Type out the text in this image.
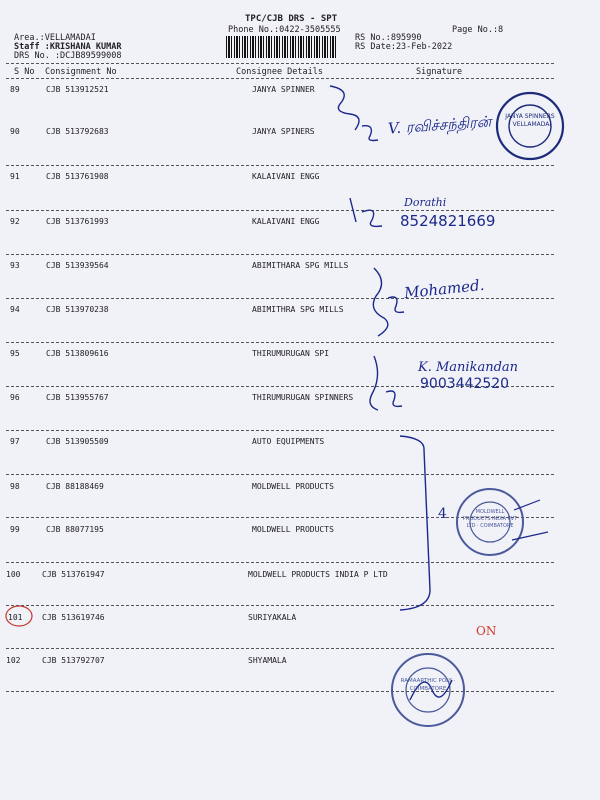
TPC/CJB DRS - SPT
Phone No.:0422-3505555	Page No.:8
Area.:VELLAMADAI	RS No.:895990
Staff :KRISHANA KUMAR	RS Date:23-Feb-2022
DRS No. :DCJB89599008
S No Consignment No	Consignee Details	Signature
89	CJB 513912521	JANYA SPINNER
90	CJB 513792683	JANYA SPINERS
91	CJB 513761908	KALAIVANI ENGG
92	CJB 513761993	KALAIVANI ENGG
93	CJB 513939564	ABIMITHARA SPG MILLS
94	CJB 513970238	ABIMITHRA SPG MILLS
95	CJB 513809616	THIRUMURUGAN SPI
96	CJB 513955767	THIRUMURUGAN SPINNERS
97	CJB 513905509	AUTO EQUIPMENTS
98	CJB 88188469	MOLDWELL PRODUCTS
99	CJB 88077195	MOLDWELL PRODUCTS
100	CJB 513761947	MOLDWELL PRODUCTS INDIA P LTD
101 CJB 513619746	SURIYAKALA
102	CJB 513792707	SHYAMALA
V. ரவிச்சந்திரன்
Dorathi
8524821669
Mohamed.
K. Manikandan
9003442520
4
ON
JANYA SPINNERS · VELLAMADAI
MOLDWELL PRODUCTS INDIA PVT LTD · COIMBATORE
RAMAARTHIC POLY · COIMBATORE
